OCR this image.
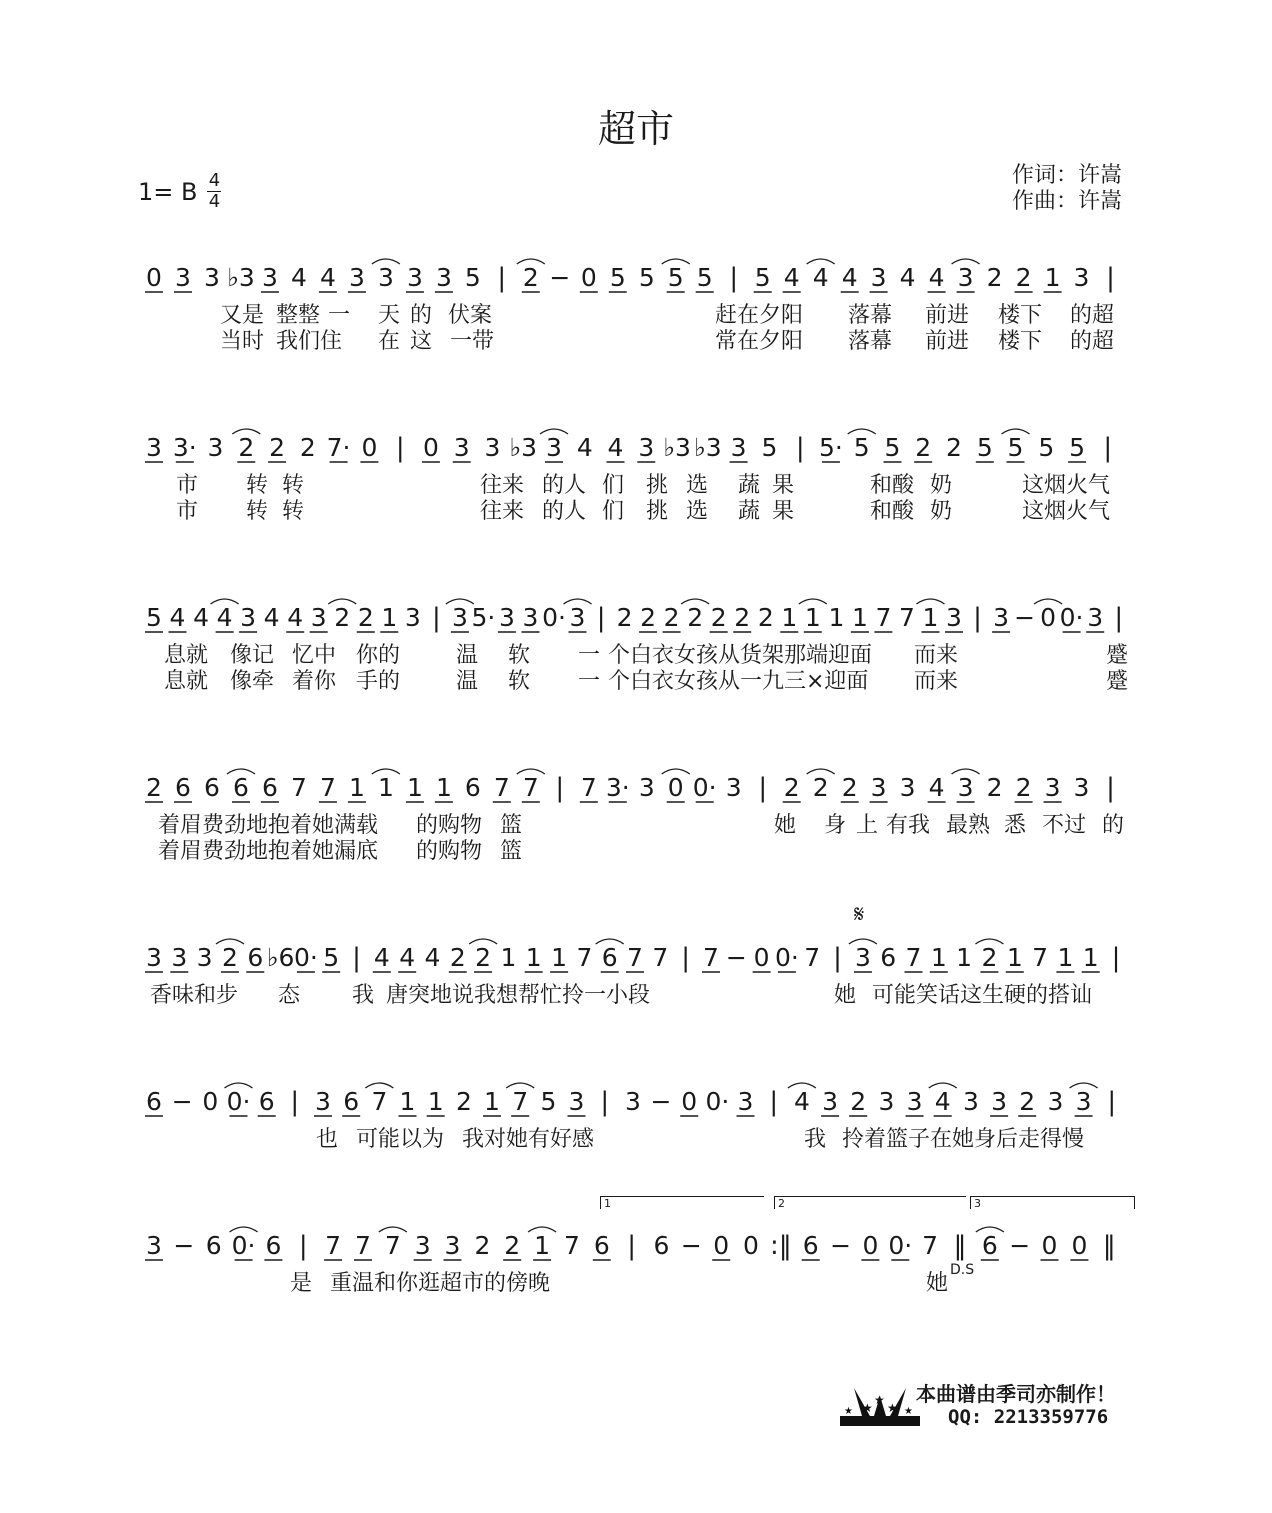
超市
1= B 4
4
作词：许嵩
作曲：许嵩
0 3 3 ♭3 3 4 4 3 3 3 3 5 | 2 − 0 5 5 5 5 | 5 4 4 4 3 4 4 3 2 2 1 3 |
又是 整整 一 天 的 伏案	赶在夕阳 落幕 前进 楼下 的超
当时 我们住 在 这 一带	常在夕阳 落幕 前进 楼下 的超
3 3· 3 2 2 2 7· 0 | 0 3 3 ♭3 3 4 4 3 ♭3 ♭3 3 5 | 5· 5 5 2 2 5 5 5 5 |
市 转 转	往来 的人 们 挑 选 蔬 果	和酸 奶	这烟火气
市 转 转	往来 的人 们 挑 选 蔬 果	和酸 奶	这烟火气
5 4 4 4 3 4 4 3 2 2 1 3 | 3 5· 3 3 0· 3 | 2 2 2 2 2 2 2 1 1 1 1 7 7 1 3 | 3 − 0 0· 3 |
息就 像记 忆中 你的	温 软 一 个白衣女孩从货架那端迎面 而来	蹙
息就 像牵 着你 手的	温 软 一 个白衣女孩从一九三×迎面 而来	蹙
2 6 6 6 6 7 7 1 1 1 1 6 7 7 | 7 3· 3 0 0· 3 | 2 2 2 3 3 4 3 2 2 3 3 |
着眉费劲地抱着她满载 的购物 篮	她 身 上 有我 最熟 悉 不过 的
着眉费劲地抱着她漏底 的购物 篮
3 3 3 2 6 ♭6 0· 5 | 4 4 4 2 2 1 1 1 7 6 7 7 | 7 − 0 0· 7 | 3 6 7 1 1 2 1 7 1 1 |
香味和步 态 我 唐突地说我想帮忙拎一小段	她 可能笑话这生硬的搭讪
6 − 0 0· 6 | 3 6 7 1 1 2 1 7 5 3 | 3 − 0 0· 3 | 4 3 2 3 3 4 3 3 2 3 3 |
也 可能以为 我对她有好感	我 拎着篮子在她身后走得慢
3 − 6 0· 6 | 7 7 7 3 3 2 2 1 7 6 | 6 − 0 0 :‖ 6 − 0 0· 7 ‖ 6 − 0 0 ‖
是 重温和你逛超市的傍晚	她
𝄋
1	2	3
D.S
★
★
★
★	★
本曲谱由季司亦制作！
QQ: 2213359776
